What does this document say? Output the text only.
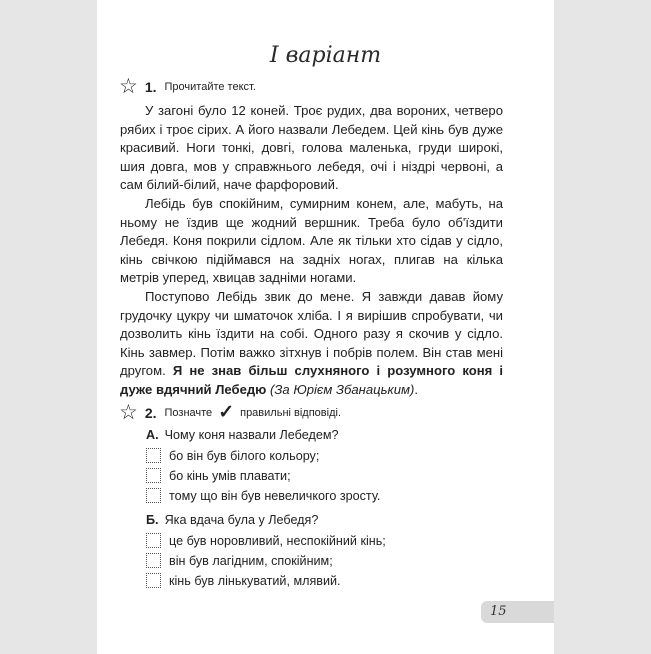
I варіант
☆ 1. Прочитайте текст.

У загоні було 12 коней. Троє рудих, два вороних, четверо рябих і троє сірих. А його назвали Лебедем. Цей кінь був дуже красивий. Ноги тонкі, довгі, голова маленька, груди широкі, шия довга, мов у справжнього лебедя, очі і ніздрі червоні, а сам білий-білий, наче фарфоровий.

Лебідь був спокійним, сумирним конем, але, мабуть, на ньому не їздив ще жодний вершник. Треба було об'їздити Лебедя. Коня покрили сідлом. Але як тільки хто сідав у сідло, кінь свічкою підіймався на задніх ногах, плигав на кілька метрів уперед, хвицав задніми ногами.

Поступово Лебідь звик до мене. Я завжди давав йому грудочку цукру чи шматочок хліба. І я вирішив спробувати, чи дозволить кінь їздити на собі. Одного разу я скочив у сідло. Кінь завмер. Потім важко зітхнув і побрів полем. Він став мені другом. Я не знав більш слухняного і розумного коня і дуже вдячний Лебедю (За Юрієм Збанацьким).

☆ 2. Позначте ✓ правильні відповіді.
А. Чому коня назвали Лебедем?
бо він був білого кольору;
бо кінь умів плавати;
тому що він був невеличкого зросту.
Б. Яка вдача була у Лебедя?
це був норовливий, неспокійний кінь;
він був лагідним, спокійним;
кінь був лінькуватий, млявий.
15
